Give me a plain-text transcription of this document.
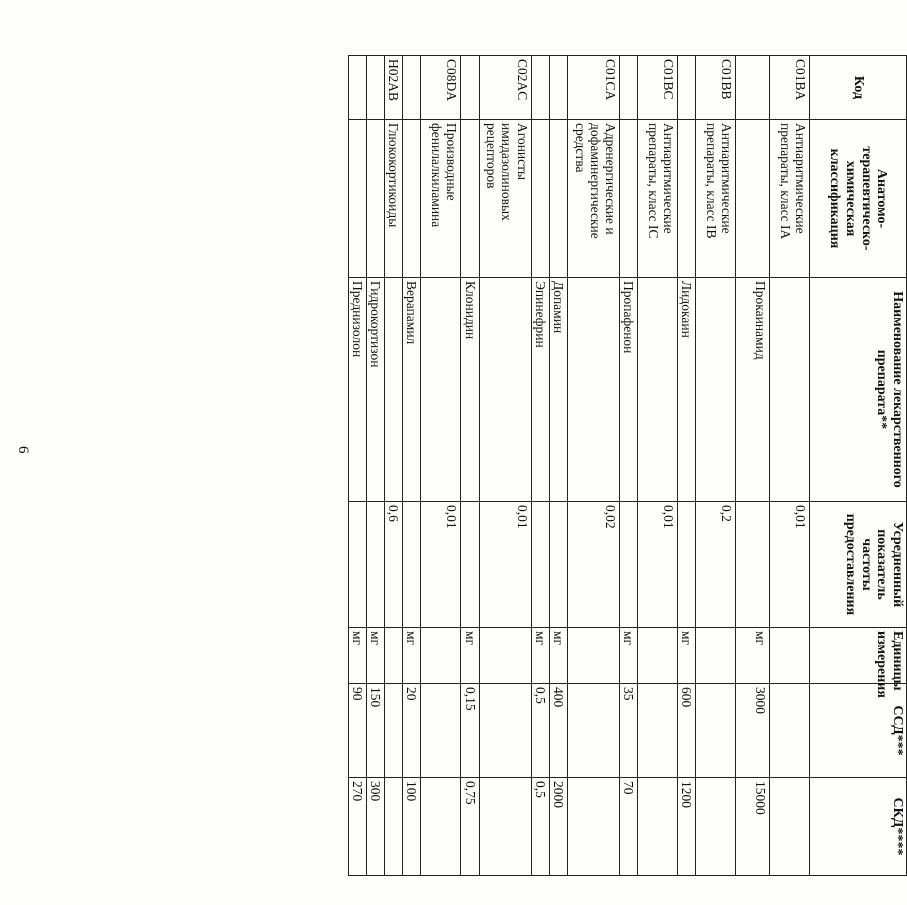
6
Код	Анатомо-терапевтическо-химическая классификация	Наименование лекарственного препарата**	Усредненный показатель частоты предоставления	Единицы измерения	ССД***	СКД****
C01BA	Антиаритмические препараты, класс IA		0,01			
		Прокаинамид		мг	3000	15000
C01BB	Антиаритмические препараты, класс IB		0,2			
		Лидокаин		мг	600	1200
C01BC	Антиаритмические препараты, класс IC		0,01			
		Пропафенон		мг	35	70
C01CA	Адренергические и дофаминергические средства		0,02			
		Допамин		мг	400	2000
		Эпинефрин		мг	0,5	0,5
C02AC	Агонисты имидазолиновых рецепторов		0,01			
		Клонидин		мг	0,15	0,75
C08DA	Производные фенилалкиламина		0,01			
		Верапамил		мг	20	100
H02AB	Глюкокортикоиды		0,6			
		Гидрокортизон		мг	150	300
		Преднизолон		мг	90	270
